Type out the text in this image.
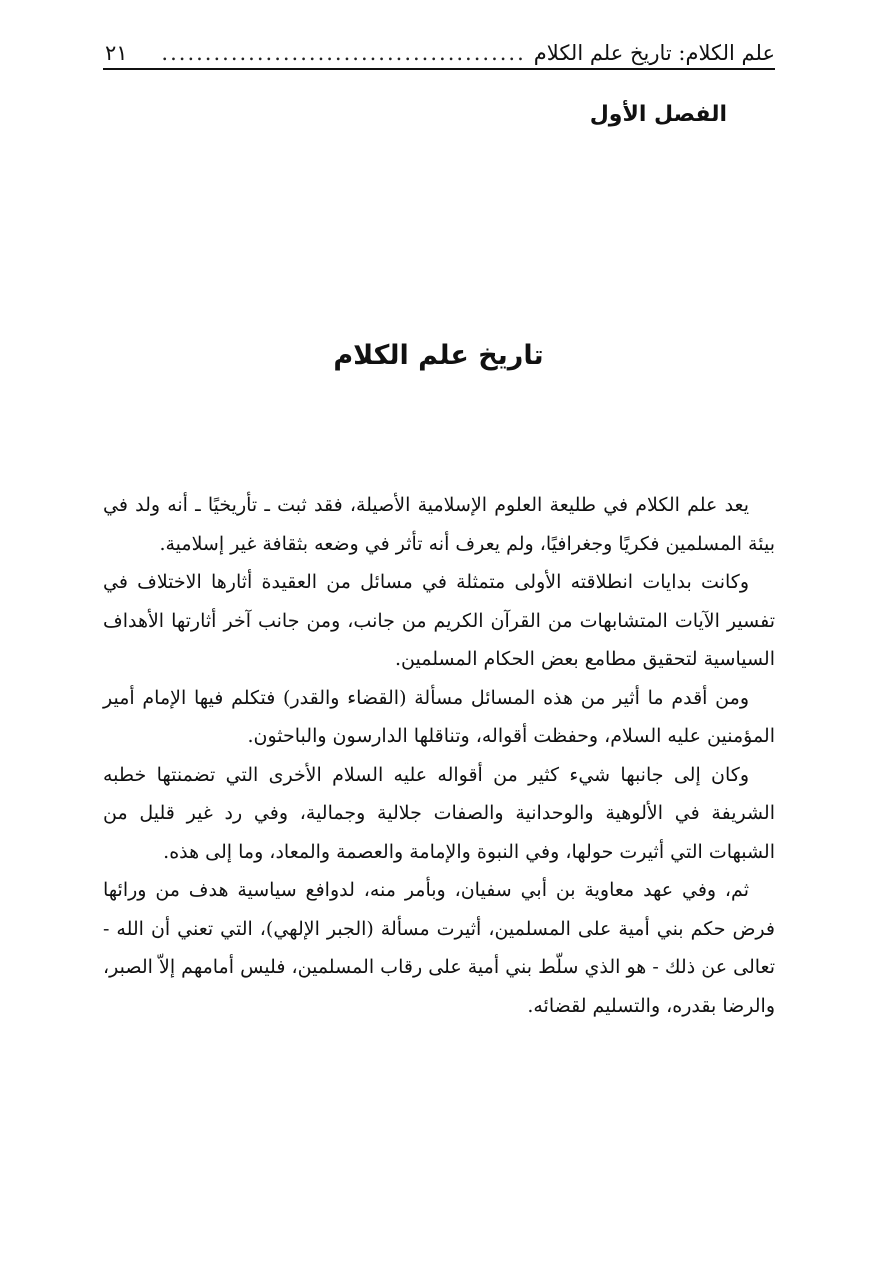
علم الكلام: تاريخ علم الكلام
..........................................
٢١
الفصل الأول
تاريخ علم الكلام

يعد علم الكلام في طليعة العلوم الإسلامية الأصيلة، فقد ثبت ـ تأريخيًا ـ أنه ولد في بيئة المسلمين فكريًا وجغرافيًا، ولم يعرف أنه تأثر في وضعه بثقافة غير إسلامية.

وكانت بدايات انطلاقته الأولى متمثلة في مسائل من العقيدة أثارها الاختلاف في تفسير الآيات المتشابهات من القرآن الكريم من جانب، ومن جانب آخر أثارتها الأهداف السياسية لتحقيق مطامع بعض الحكام المسلمين.

ومن أقدم ما أثير من هذه المسائل مسألة (القضاء والقدر) فتكلم فيها الإمام أمير المؤمنين عليه السلام، وحفظت أقواله، وتناقلها الدارسون والباحثون.

وكان إلى جانبها شيء كثير من أقواله عليه السلام الأخرى التي تضمنتها خطبه الشريفة في الألوهية والوحدانية والصفات جلالية وجمالية، وفي رد غير قليل من الشبهات التي أثيرت حولها، وفي النبوة والإمامة والعصمة والمعاد، وما إلى هذه.

ثم، وفي عهد معاوية بن أبي سفيان، وبأمر منه، لدوافع سياسية هدف من ورائها فرض حكم بني أمية على المسلمين، أثيرت مسألة (الجبر الإلهي)، التي تعني أن الله - تعالى عن ذلك - هو الذي سلّط بني أمية على رقاب المسلمين، فليس أمامهم إلاّ الصبر، والرضا بقدره، والتسليم لقضائه.
